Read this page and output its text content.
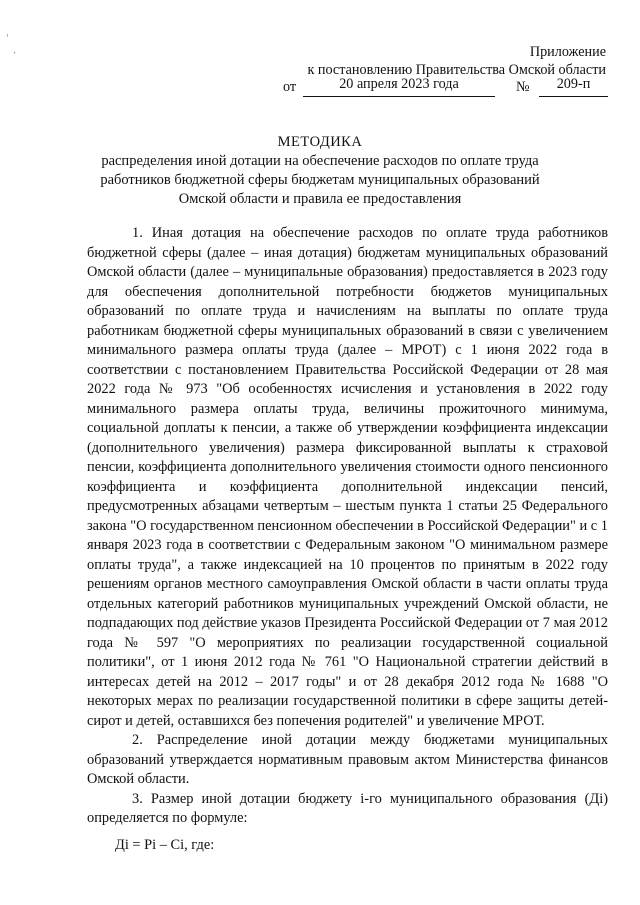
'
,	Приложение
к постановлению Правительства Омской области
от	20 апреля 2023 года	№	209-п
МЕТОДИКА
распределения иной дотации на обеспечение расходов по оплате труда
работников бюджетной сферы бюджетам муниципальных образований
Омской области и правила ее предоставления

1. Иная дотация на обеспечение расходов по оплате труда работников бюджетной сферы (далее – иная дотация) бюджетам муниципальных образований Омской области (далее – муниципальные образования) предоставляется в 2023 году для обеспечения дополнительной потребности бюджетов муниципальных образований по оплате труда и начислениям на выплаты по оплате труда работникам бюджетной сферы муниципальных образований в связи с увеличением минимального размера оплаты труда (далее – МРОТ) с 1 июня 2022 года в соответствии с постановлением Правительства Российской Федерации от 28 мая 2022 года № 973 "Об особенностях исчисления и установления в 2022 году минимального размера оплаты труда, величины прожиточного минимума, социальной доплаты к пенсии, а также об утверждении коэффициента индексации (дополнительного увеличения) размера фиксированной выплаты к страховой пенсии, коэффициента дополнительного увеличения стоимости одного пенсионного коэффициента и коэффициента дополнительной индексации пенсий, предусмотренных абзацами четвертым – шестым пункта 1 статьи 25 Федерального закона "О государственном пенсионном обеспечении в Российской Федерации" и с 1 января 2023 года в соответствии с Федеральным законом "О минимальном размере оплаты труда", а также индексацией на 10 процентов по принятым в 2022 году решениям органов местного самоуправления Омской области в части оплаты труда отдельных категорий работников муниципальных учреждений Омской области, не подпадающих под действие указов Президента Российской Федерации от 7 мая 2012 года № 597 "О мероприятиях по реализации государственной социальной политики", от 1 июня 2012 года № 761 "О Национальной стратегии действий в интересах детей на 2012 – 2017 годы" и от 28 декабря 2012 года № 1688 "О некоторых мерах по реализации государственной политики в сфере защиты детей-сирот и детей, оставшихся без попечения родителей" и увеличение МРОТ.

2. Распределение иной дотации между бюджетами муниципальных образований утверждается нормативным правовым актом Министерства финансов Омской области.

3. Размер иной дотации бюджету i-го муниципального образования (Дi) определяется по формуле:

Дi = Pi – Ci, где:
